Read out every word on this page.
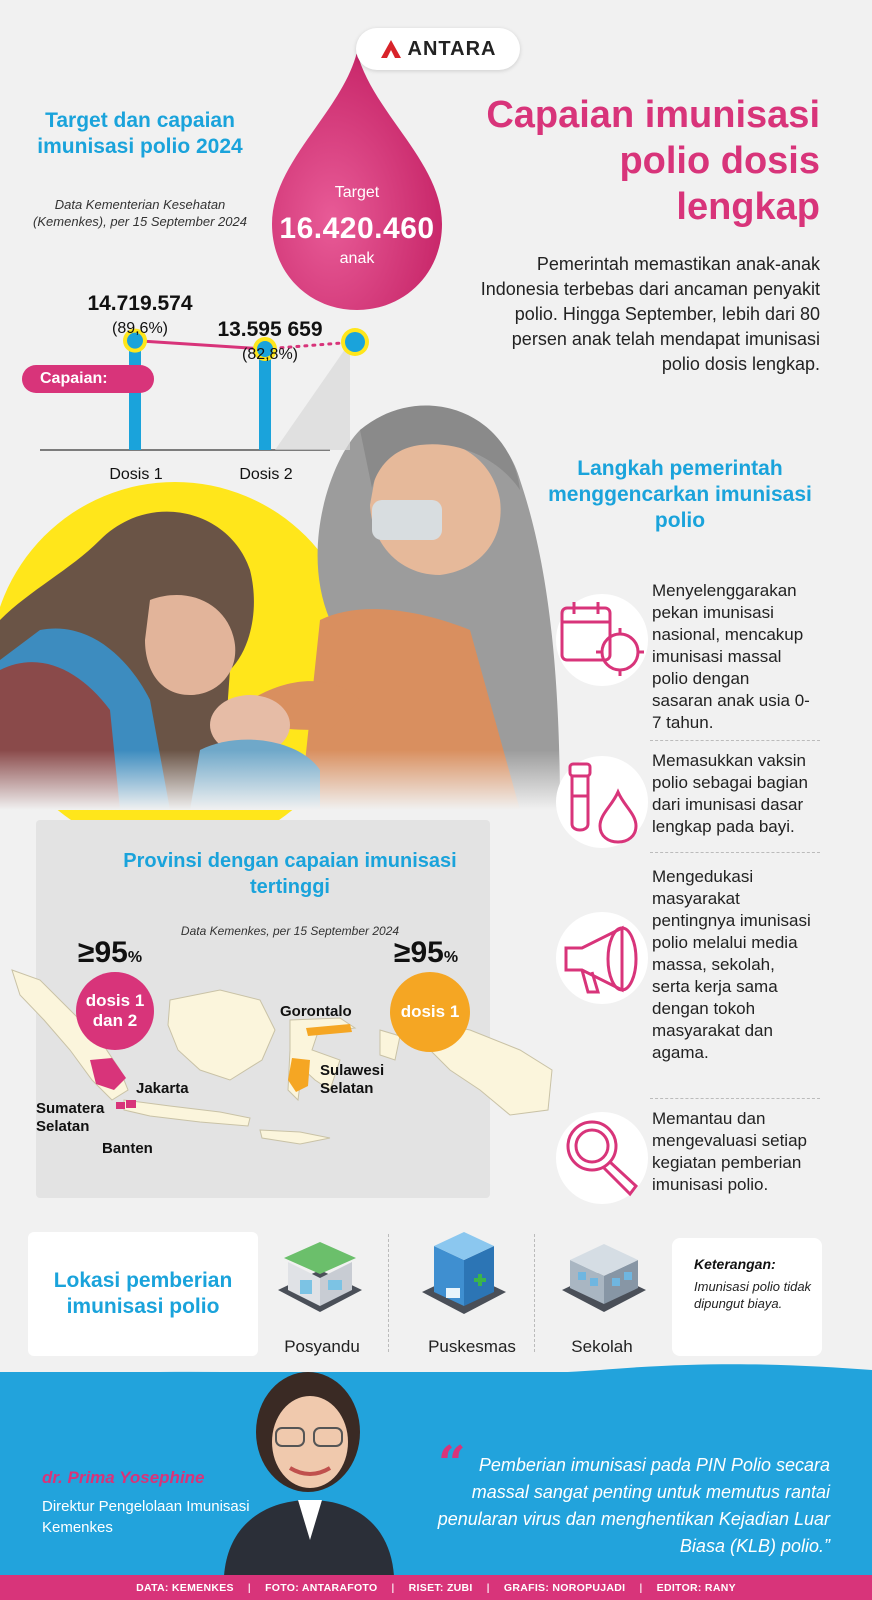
ANTARA
Target dan capaian imunisasi polio 2024
Data Kementerian Kesehatan (Kemenkes), per 15 September 2024
Target
16.420.460
anak
Capaian imunisasi polio dosis lengkap
Pemerintah memastikan anak-anak Indonesia terbebas dari ancaman penyakit polio. Hingga September, lebih dari 80 persen anak telah mendapat imunisasi polio dosis lengkap.
14.719.574
(89,6%)	13.595 659
(82,8%)
Capaian:
Dosis 1	Dosis 2	Langkah pemerintah menggencarkan imunisasi polio
Menyelenggarakan pekan imunisasi nasional, mencakup imunisasi massal polio dengan sasaran anak usia 0-7 tahun.
Memasukkan vaksin polio sebagai bagian dari imunisasi dasar lengkap pada bayi.
Mengedukasi masyarakat pentingnya imunisasi polio melalui media massa, sekolah, serta kerja sama dengan tokoh masyarakat dan agama.
Memantau dan mengevaluasi setiap kegiatan pemberian imunisasi polio.
Provinsi dengan capaian imunisasi tertinggi
Data Kemenkes, per 15 September 2024
≥95%
dosis 1
dan 2
≥95%
dosis 1
Sumatera
Selatan
Jakarta
Banten
Gorontalo
Sulawesi
Selatan
Lokasi pemberian imunisasi polio
Posyandu	Puskesmas	Sekolah
Keterangan:
Imunisasi polio tidak dipungut biaya.
dr. Prima Yosephine
Direktur Pengelolaan Imunisasi Kemenkes
“ Pemberian imunisasi pada PIN Polio secara massal sangat penting untuk memutus rantai penularan virus dan menghentikan Kejadian Luar Biasa (KLB) polio.”
DATA: KEMENKES | FOTO: ANTARAFOTO | RISET: ZUBI | GRAFIS: NOROPUJADI | EDITOR: RANY
